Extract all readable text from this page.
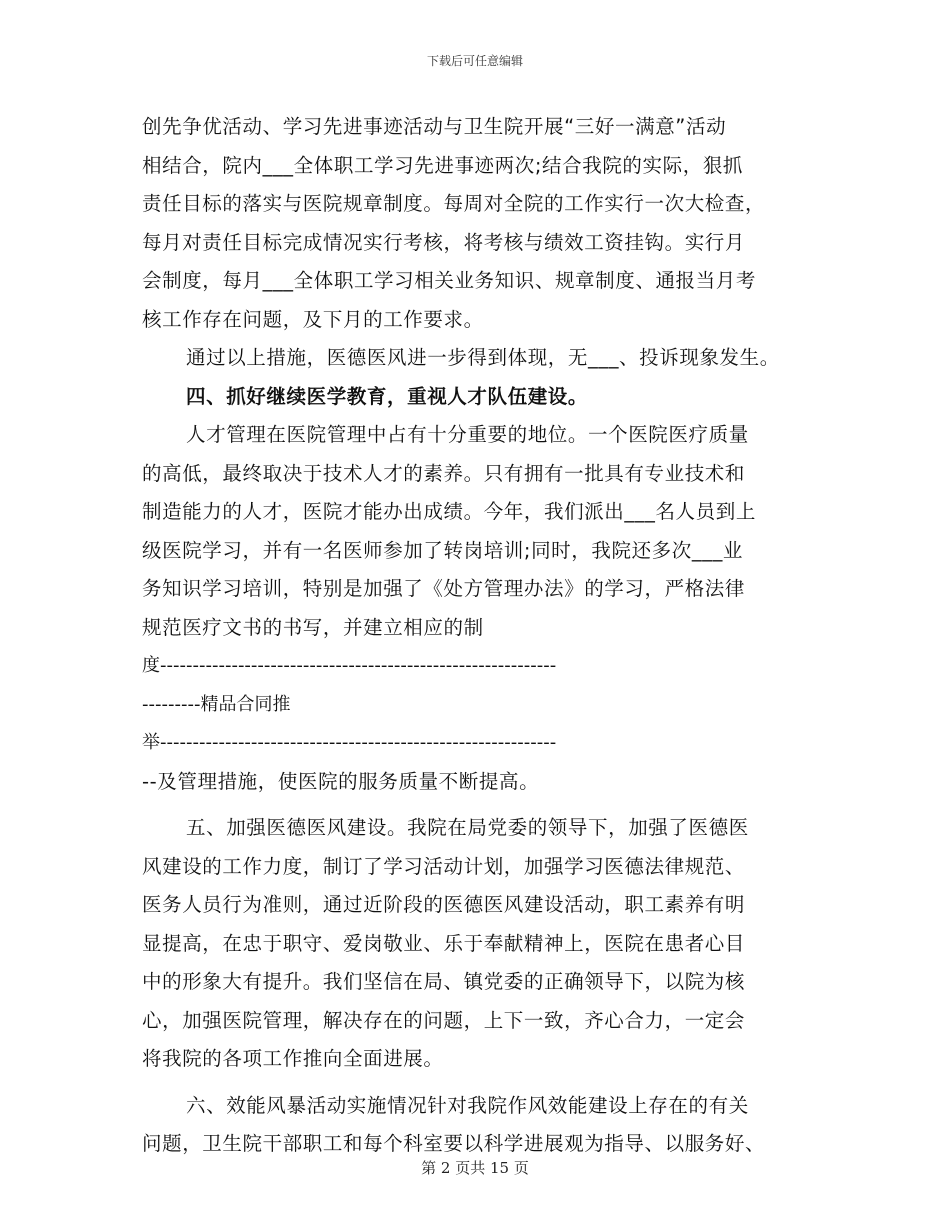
下载后可任意编辑
创先争优活动、学习先进事迹活动与卫生院开展“三好一满意”活动
相结合，院内___全体职工学习先进事迹两次;结合我院的实际，狠抓
责任目标的落实与医院规章制度。每周对全院的工作实行一次大检查，
每月对责任目标完成情况实行考核，将考核与绩效工资挂钩。实行月
会制度，每月___全体职工学习相关业务知识、规章制度、通报当月考
核工作存在问题，及下月的工作要求。
通过以上措施，医德医风进一步得到体现，无___、投诉现象发生。
四、抓好继续医学教育，重视人才队伍建设。
人才管理在医院管理中占有十分重要的地位。一个医院医疗质量
的高低，最终取决于技术人才的素养。只有拥有一批具有专业技术和
制造能力的人才，医院才能办出成绩。今年，我们派出___名人员到上
级医院学习，并有一名医师参加了转岗培训;同时，我院还多次___业
务知识学习培训，特别是加强了《处方管理办法》的学习，严格法律
规范医疗文书的书写，并建立相应的制
度-------------------------------------------------------------
---------精品合同推
举-------------------------------------------------------------
--及管理措施，使医院的服务质量不断提高。
五、加强医德医风建设。我院在局党委的领导下，加强了医德医
风建设的工作力度，制订了学习活动计划，加强学习医德法律规范、
医务人员行为准则，通过近阶段的医德医风建设活动，职工素养有明
显提高，在忠于职守、爱岗敬业、乐于奉献精神上，医院在患者心目
中的形象大有提升。我们坚信在局、镇党委的正确领导下，以院为核
心，加强医院管理，解决存在的问题，上下一致，齐心合力，一定会
将我院的各项工作推向全面进展。
六、效能风暴活动实施情况针对我院作风效能建设上存在的有关
问题，卫生院干部职工和每个科室要以科学进展观为指导、以服务好、
第 2 页共 15 页
